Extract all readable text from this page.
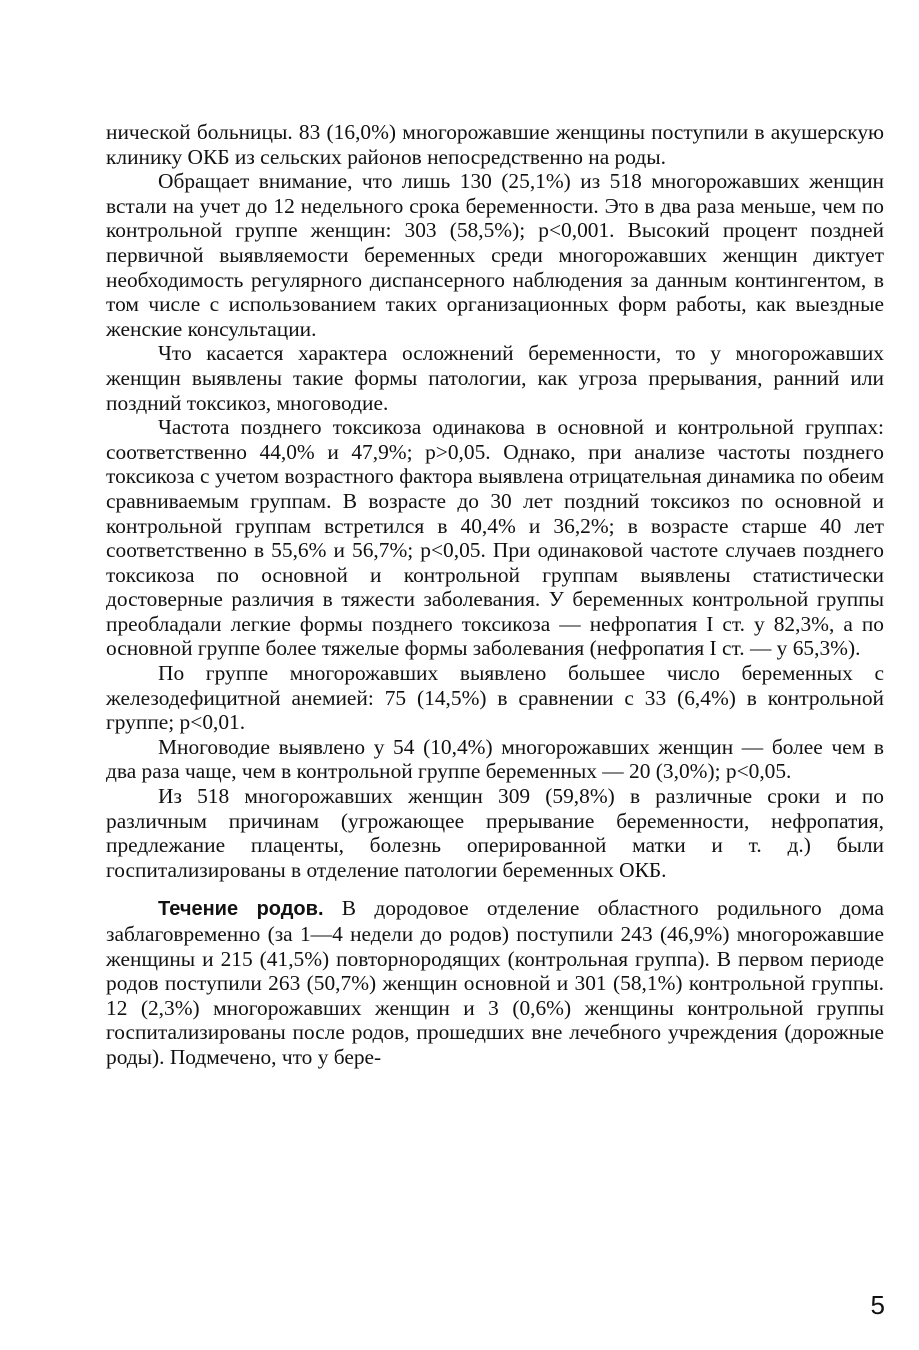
нической больницы. 83 (16,0%) многорожавшие женщины поступили в акушерскую клинику ОКБ из сельских районов непосредственно на роды.

Обращает внимание, что лишь 130 (25,1%) из 518 многорожавших женщин встали на учет до 12 недельного срока беременности. Это в два раза меньше, чем по контрольной группе женщин: 303 (58,5%); p<0,001. Высокий процент поздней первичной выявляемости беременных среди многорожавших женщин диктует необходимость регулярного диспансерного наблюдения за данным контингентом, в том числе с использованием таких организационных форм работы, как выездные женские консультации.

Что касается характера осложнений беременности, то у многорожавших женщин выявлены такие формы патологии, как угроза прерывания, ранний или поздний токсикоз, многоводие.

Частота позднего токсикоза одинакова в основной и контрольной группах: соответственно 44,0% и 47,9%; p>0,05. Однако, при анализе частоты позднего токсикоза с учетом возрастного фактора выявлена отрицательная динамика по обеим сравниваемым группам. В возрасте до 30 лет поздний токсикоз по основной и контрольной группам встретился в 40,4% и 36,2%; в возрасте старше 40 лет соответственно в 55,6% и 56,7%; p<0,05. При одинаковой частоте случаев позднего токсикоза по основной и контрольной группам выявлены статистически достоверные различия в тяжести заболевания. У беременных контрольной группы преобладали легкие формы позднего токсикоза — нефропатия I ст. у 82,3%, а по основной группе более тяжелые формы заболевания (нефропатия I ст. — у 65,3%).

По группе многорожавших выявлено большее число беременных с железодефицитной анемией: 75 (14,5%) в сравнении с 33 (6,4%) в контрольной группе; p<0,01.

Многоводие выявлено у 54 (10,4%) многорожавших женщин — более чем в два раза чаще, чем в контрольной группе беременных — 20 (3,0%); p<0,05.

Из 518 многорожавших женщин 309 (59,8%) в различные сроки и по различным причинам (угрожающее прерывание беременности, нефропатия, предлежание плаценты, болезнь оперированной матки и т. д.) были госпитализированы в отделение патологии беременных ОКБ.

Течение родов. В дородовое отделение областного родильного дома заблаговременно (за 1—4 недели до родов) поступили 243 (46,9%) многорожавшие женщины и 215 (41,5%) повторнородящих (контрольная группа). В первом периоде родов поступили 263 (50,7%) женщин основной и 301 (58,1%) контрольной группы. 12 (2,3%) многорожавших женщин и 3 (0,6%) женщины контрольной группы госпитализированы после родов, прошедших вне лечебного учреждения (дорожные роды). Подмечено, что у бере-

5
